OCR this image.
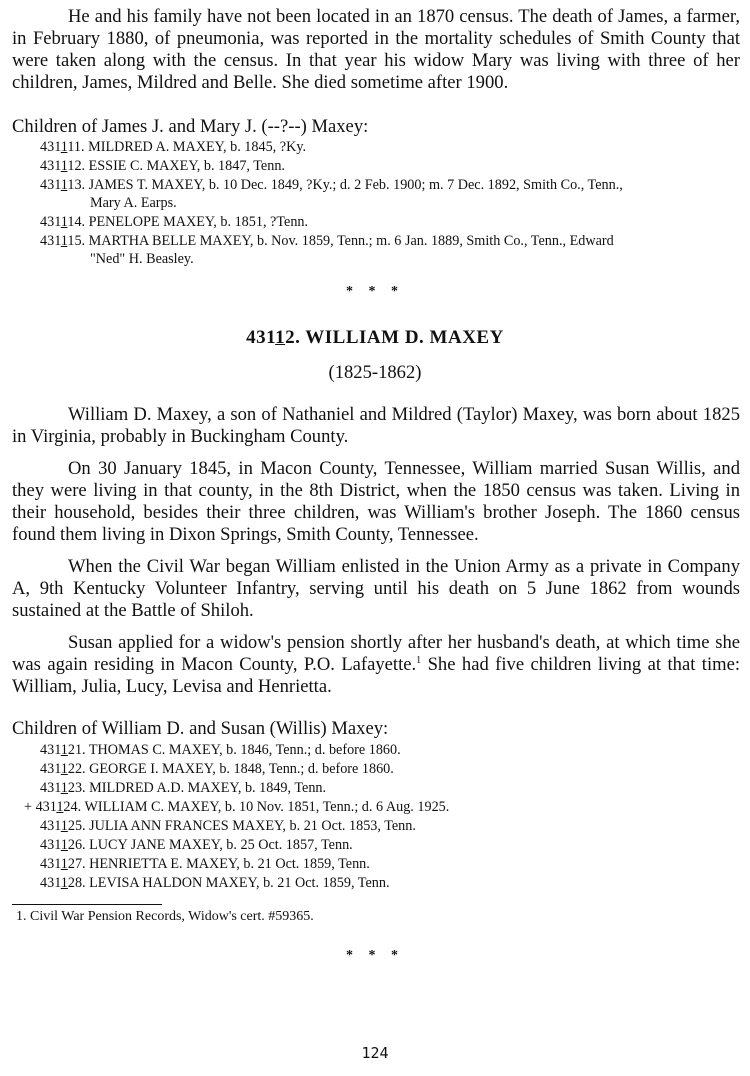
He and his family have not been located in an 1870 census. The death of James, a farmer, in February 1880, of pneumonia, was reported in the mortality schedules of Smith County that were taken along with the census. In that year his widow Mary was living with three of her children, James, Mildred and Belle. She died sometime after 1900.
Children of James J. and Mary J. (--?--) Maxey:
431111. MILDRED A. MAXEY, b. 1845, ?Ky.
431112. ESSIE C. MAXEY, b. 1847, Tenn.
431113. JAMES T. MAXEY, b. 10 Dec. 1849, ?Ky.; d. 2 Feb. 1900; m. 7 Dec. 1892, Smith Co., Tenn.,
Mary A. Earps.
431114. PENELOPE MAXEY, b. 1851, ?Tenn.
431115. MARTHA BELLE MAXEY, b. Nov. 1859, Tenn.; m. 6 Jan. 1889, Smith Co., Tenn., Edward
"Ned" H. Beasley.
* * *
43112. WILLIAM D. MAXEY
(1825-1862)
William D. Maxey, a son of Nathaniel and Mildred (Taylor) Maxey, was born about 1825 in Virginia, probably in Buckingham County.
On 30 January 1845, in Macon County, Tennessee, William married Susan Willis, and they were living in that county, in the 8th District, when the 1850 census was taken. Living in their household, besides their three children, was William's brother Joseph. The 1860 census found them living in Dixon Springs, Smith County, Tennessee.
When the Civil War began William enlisted in the Union Army as a private in Company A, 9th Kentucky Volunteer Infantry, serving until his death on 5 June 1862 from wounds sustained at the Battle of Shiloh.
Susan applied for a widow's pension shortly after her husband's death, at which time she was again residing in Macon County, P.O. Lafayette.$^1$ She had five children living at that time: William, Julia, Lucy, Levisa and Henrietta.
Children of William D. and Susan (Willis) Maxey:
431121. THOMAS C. MAXEY, b. 1846, Tenn.; d. before 1860.
431122. GEORGE I. MAXEY, b. 1848, Tenn.; d. before 1860.
431123. MILDRED A.D. MAXEY, b. 1849, Tenn.
+ 431124. WILLIAM C. MAXEY, b. 10 Nov. 1851, Tenn.; d. 6 Aug. 1925.
431125. JULIA ANN FRANCES MAXEY, b. 21 Oct. 1853, Tenn.
431126. LUCY JANE MAXEY, b. 25 Oct. 1857, Tenn.
431127. HENRIETTA E. MAXEY, b. 21 Oct. 1859, Tenn.
431128. LEVISA HALDON MAXEY, b. 21 Oct. 1859, Tenn.
1. Civil War Pension Records, Widow's cert. #59365.
* * *
124
